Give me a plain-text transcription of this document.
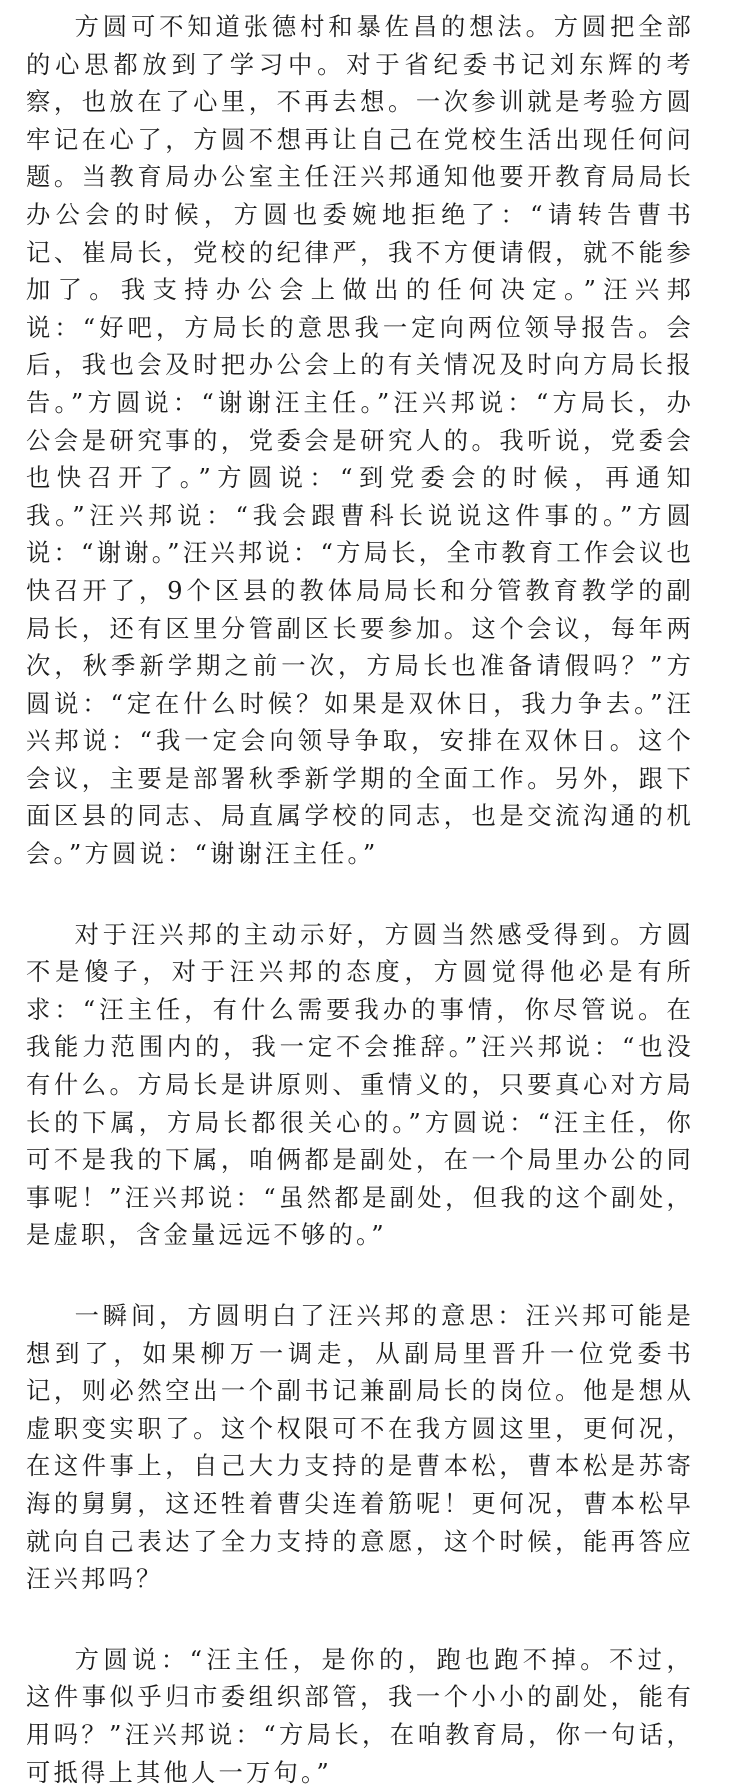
方圆可不知道张德村和暴佐昌的想法。方圆把全部的心思都放到了学习中。对于省纪委书记刘东辉的考察，也放在了心里，不再去想。一次参训就是考验方圆牢记在心了，方圆不想再让自己在党校生活出现任何问题。当教育局办公室主任汪兴邦通知他要开教育局局长办公会的时候，方圆也委婉地拒绝了：“请转告曹书记、崔局长，党校的纪律严，我不方便请假，就不能参加了。我支持办公会上做出的任何决定。”汪兴邦说：“好吧，方局长的意思我一定向两位领导报告。会后，我也会及时把办公会上的有关情况及时向方局长报告。”方圆说：“谢谢汪主任。”汪兴邦说：“方局长，办公会是研究事的，党委会是研究人的。我听说，党委会也快召开了。”方圆说：“到党委会的时候，再通知我。”汪兴邦说：“我会跟曹科长说说这件事的。”方圆说：“谢谢。”汪兴邦说：“方局长，全市教育工作会议也快召开了，9个区县的教体局局长和分管教育教学的副局长，还有区里分管副区长要参加。这个会议，每年两次，秋季新学期之前一次，方局长也准备请假吗？”方圆说：“定在什么时候？如果是双休日，我力争去。”汪兴邦说：“我一定会向领导争取，安排在双休日。这个会议，主要是部署秋季新学期的全面工作。另外，跟下面区县的同志、局直属学校的同志，也是交流沟通的机会。”方圆说：“谢谢汪主任。”

对于汪兴邦的主动示好，方圆当然感受得到。方圆不是傻子，对于汪兴邦的态度，方圆觉得他必是有所求：“汪主任，有什么需要我办的事情，你尽管说。在我能力范围内的，我一定不会推辞。”汪兴邦说：“也没有什么。方局长是讲原则、重情义的，只要真心对方局长的下属，方局长都很关心的。”方圆说：“汪主任，你可不是我的下属，咱俩都是副处，在一个局里办公的同事呢！”汪兴邦说：“虽然都是副处，但我的这个副处，是虚职，含金量远远不够的。”

一瞬间，方圆明白了汪兴邦的意思：汪兴邦可能是想到了，如果柳万一调走，从副局里晋升一位党委书记，则必然空出一个副书记兼副局长的岗位。他是想从虚职变实职了。这个权限可不在我方圆这里，更何况，在这件事上，自己大力支持的是曹本松，曹本松是苏寄海的舅舅，这还牲着曹尖连着筋呢！更何况，曹本松早就向自己表达了全力支持的意愿，这个时候，能再答应汪兴邦吗？

方圆说：“汪主任，是你的，跑也跑不掉。不过，这件事似乎归市委组织部管，我一个小小的副处，能有用吗？”汪兴邦说：“方局长，在咱教育局，你一句话，可抵得上其他人一万句。”
